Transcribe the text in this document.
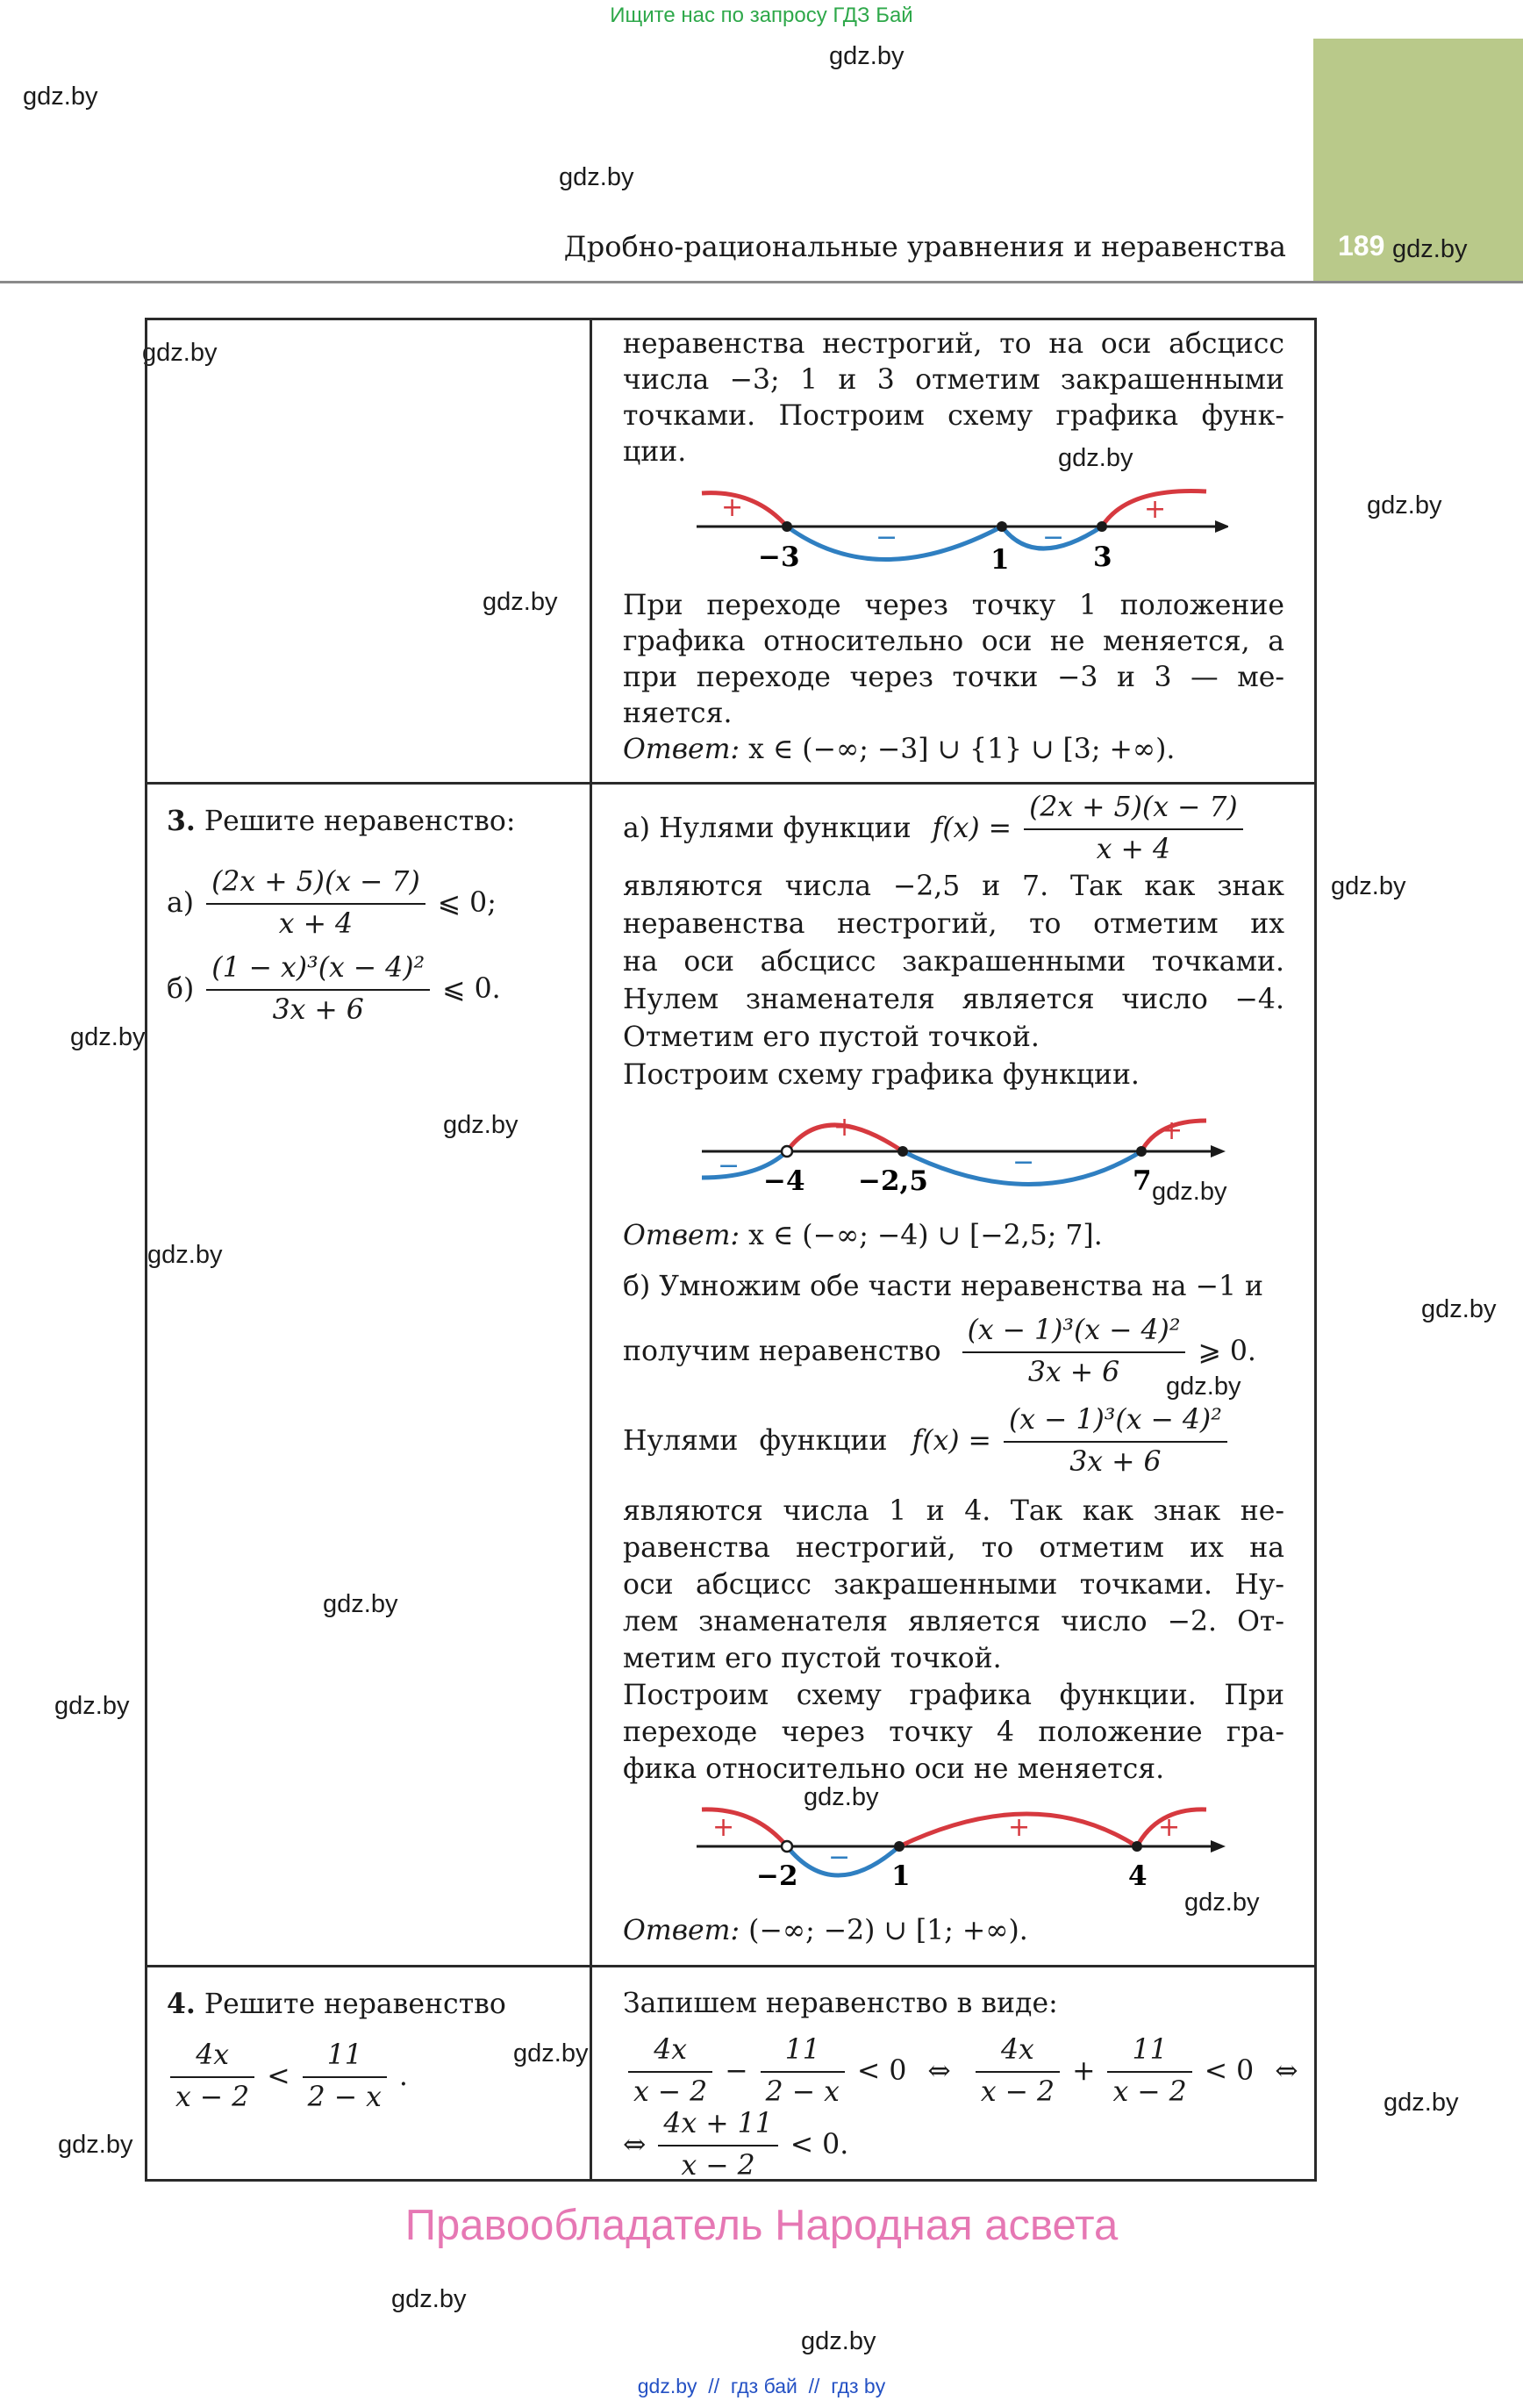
Ищите нас по запросу ГДЗ Бай
189
Дробно-рациональные уравнения и неравенства
gdz.by
gdz.by
gdz.by
gdz.by
gdz.by
gdz.by
gdz.by
gdz.by
gdz.by
gdz.by
gdz.by
gdz.by
gdz.by
gdz.by
gdz.by
gdz.by
gdz.by
gdz.by
gdz.by
gdz.by
gdz.by
gdz.by
gdz.by
gdz.by
неравенства нестрогий, то на оси абсцисс
числа −3; 1 и 3 отметим закрашенными
точками. Построим схему графика функ-
ции.
+
−	−
+
−3	1	3
При переходе через точку 1 положение
графика относительно оси не меняется, а
при переходе через точки −3 и 3 — ме-
няется.
Ответ: x ∈ (−∞; −3] ∪ {1} ∪ [3; +∞).
3. Решите неравенство:
$а) \frac{(2x + 5)(x - 7)}{x + 4}$ ⩽ 0;
$б) \frac{\text{(1 − x)³(x − 4)²}}{3x + 6}$ ⩽ 0.
а) Нулями функции $f(x) = \frac{(2x + 5)(x - 7)}{x + 4}$
являются числа −2,5 и 7. Так как знак
неравенства нестрогий, то отметим их
на оси абсцисс закрашенными точками.
Нулем знаменателя является число −4.
Отметим его пустой точкой.
Построим схему графика функции.
−
+
−
+
−4 −2,5	7
Ответ: x ∈ (−∞; −4) ∪ [−2,5; 7].
б) Умножим обе части неравенства на −1 и
получим неравенство $\frac{\text{(x − 1)³(x − 4)²}}{3x + 6}$ ⩾ 0.
Нулями функции $f(x) = \frac{\text{(x − 1)³(x − 4)²}}{3x + 6}$
являются числа 1 и 4. Так как знак не-
равенства нестрогий, то отметим их на
оси абсцисс закрашенными точками. Ну-
лем знаменателя является число −2. От-
метим его пустой точкой.
Построим схему графика функции. При
переходе через точку 4 положение гра-
фика относительно оси не меняется.
+
−
+	+
−2	1	4
Ответ: (−∞; −2) ∪ [1; +∞).
4. Решите неравенство
$\frac{4x}{x - 2} < \frac{11}{2 - x}$ .
Запишем неравенство в виде:
$\frac{4x}{x - 2} - \frac{11}{2 - x} < 0$ ⇔ $\frac{4x}{x - 2} + \frac{11}{x - 2} < 0$ ⇔
⇔ $\frac{4x + 11}{x - 2} < 0$.
Правообладатель Народная асвета
gdz.by  //  гдз бай  //  гдз by
